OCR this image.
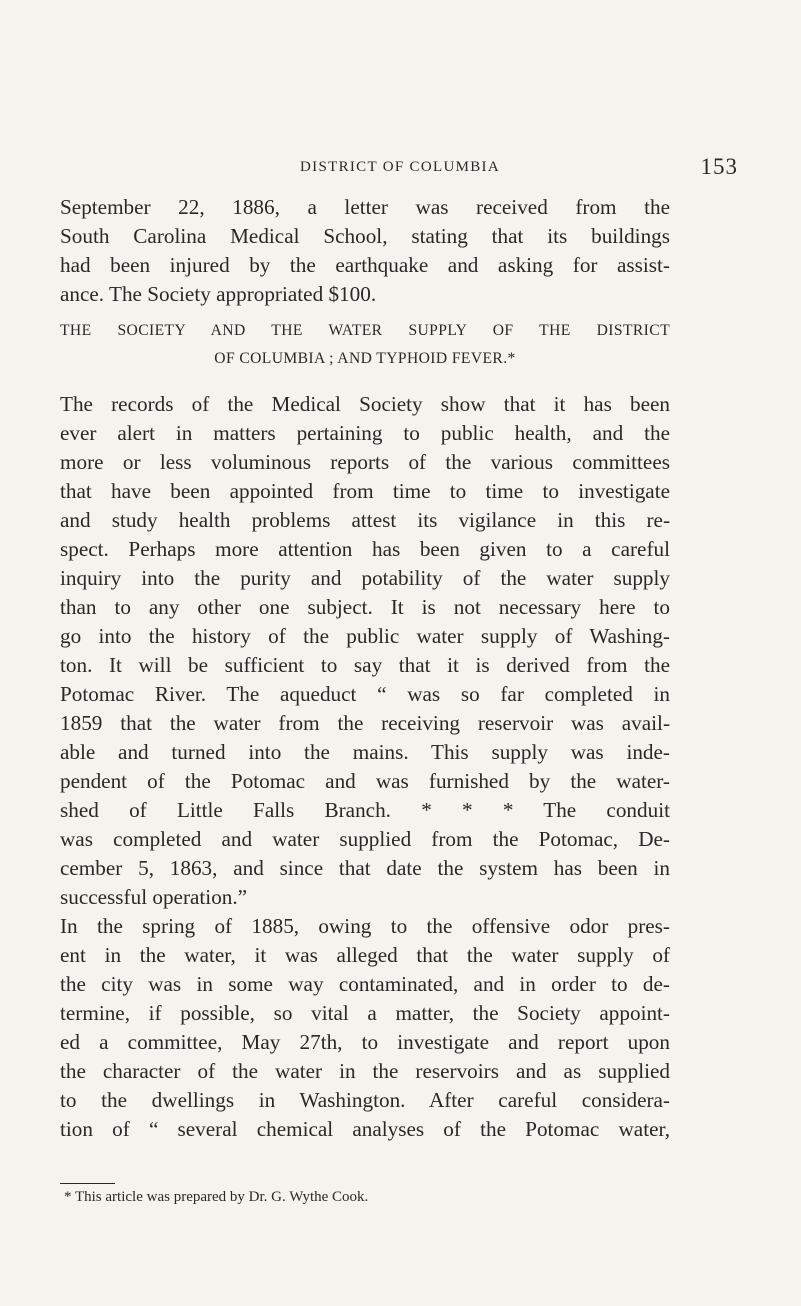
DISTRICT OF COLUMBIA	153
September 22, 1886, a letter was received from the
South Carolina Medical School, stating that its buildings
had been injured by the earthquake and asking for assist-
ance. The Society appropriated $100.
THE SOCIETY AND THE WATER SUPPLY OF THE DISTRICT
OF COLUMBIA ; AND TYPHOID FEVER.*
The records of the Medical Society show that it has been
ever alert in matters pertaining to public health, and the
more or less voluminous reports of the various committees
that have been appointed from time to time to investigate
and study health problems attest its vigilance in this re-
spect. Perhaps more attention has been given to a careful
inquiry into the purity and potability of the water supply
than to any other one subject. It is not necessary here to
go into the history of the public water supply of Washing-
ton. It will be sufficient to say that it is derived from the
Potomac River. The aqueduct “ was so far completed in
1859 that the water from the receiving reservoir was avail-
able and turned into the mains. This supply was inde-
pendent of the Potomac and was furnished by the water-
shed of Little Falls Branch. * * * The conduit
was completed and water supplied from the Potomac, De-
cember 5, 1863, and since that date the system has been in
successful operation.”
In the spring of 1885, owing to the offensive odor pres-
ent in the water, it was alleged that the water supply of
the city was in some way contaminated, and in order to de-
termine, if possible, so vital a matter, the Society appoint-
ed a committee, May 27th, to investigate and report upon
the character of the water in the reservoirs and as supplied
to the dwellings in Washington. After careful considera-
tion of “ several chemical analyses of the Potomac water,
* This article was prepared by Dr. G. Wythe Cook.
